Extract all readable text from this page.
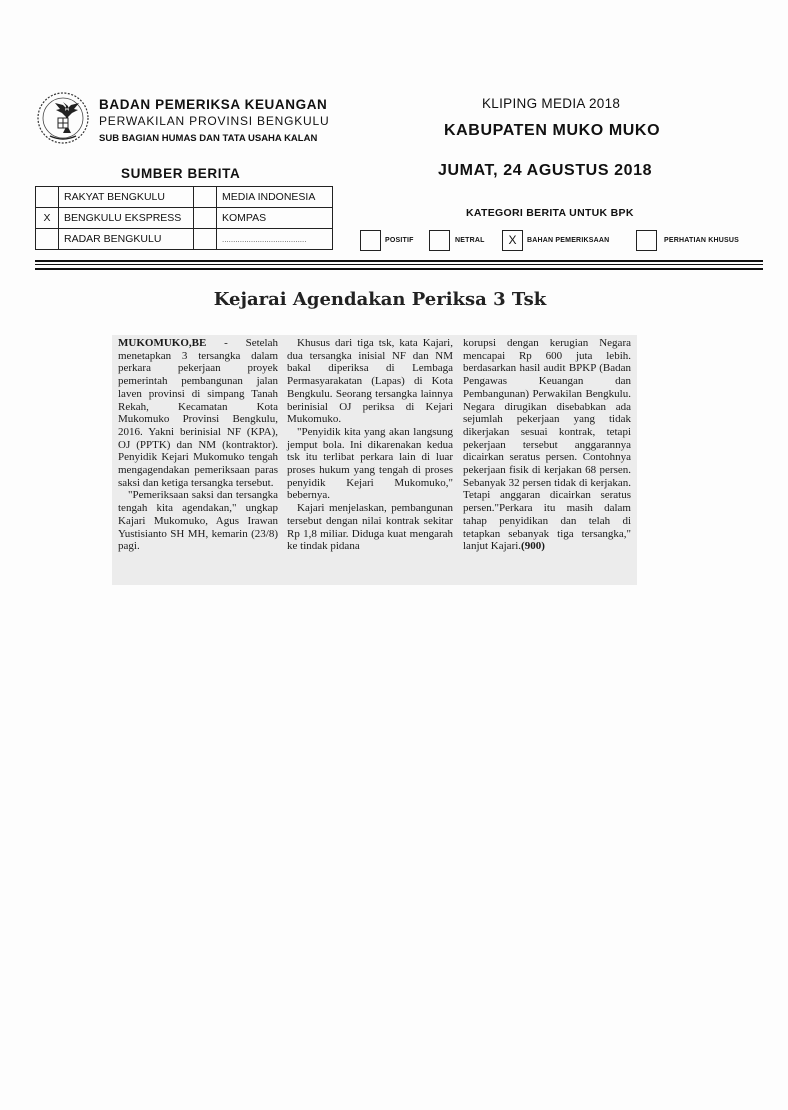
BADAN PEMERIKSA KEUANGAN
PERWAKILAN PROVINSI BENGKULU
SUB BAGIAN HUMAS DAN TATA USAHA KALAN
KLIPING MEDIA 2018
KABUPATEN MUKO MUKO
JUMAT, 24 AGUSTUS 2018
SUMBER BERITA
	RAKYAT BENGKULU		MEDIA INDONESIA
X	BENGKULU EKSPRESS		KOMPAS
	RADAR BENGKULU		......................................
KATEGORI BERITA UNTUK BPK
POSITIF	NETRAL	X	BAHAN PEMERIKSAAN	PERHATIAN KHUSUS
Kejarai Agendakan Periksa 3 Tsk

MUKOMUKO,BE - Setelah menetapkan 3 tersangka dalam perkara pekerjaan proyek pemerintah pembangunan jalan laven provinsi di simpang Tanah Rekah, Kecamatan Kota Mukomuko Provinsi Bengkulu, 2016. Yakni berinisial NF (KPA), OJ (PPTK) dan NM (kontraktor). Penyidik Kejari Mukomuko tengah mengagendakan pemeriksaan paras saksi dan ketiga tersangka tersebut.

"Pemeriksaan saksi dan tersangka tengah kita agendakan," ungkap Kajari Mukomuko, Agus Irawan Yustisianto SH MH, kemarin (23/8) pagi.

Khusus dari tiga tsk, kata Kajari, dua tersangka inisial NF dan NM bakal diperiksa di Lembaga Permasyarakatan (Lapas) di Kota Bengkulu. Seorang tersangka lainnya berinisial OJ periksa di Kejari Mukomuko.

"Penyidik kita yang akan langsung jemput bola. Ini dikarenakan kedua tsk itu terlibat perkara lain di luar proses hukum yang tengah di proses penyidik Kejari Mukomuko," bebernya.

Kajari menjelaskan, pembangunan tersebut dengan nilai kontrak sekitar Rp 1,8 miliar. Diduga kuat mengarah ke tindak pidana

korupsi dengan kerugian Negara mencapai Rp 600 juta lebih. berdasarkan hasil audit BPKP (Badan Pengawas Keuangan dan Pembangunan) Perwakilan Bengkulu. Negara dirugikan disebabkan ada sejumlah pekerjaan yang tidak dikerjakan sesuai kontrak, tetapi pekerjaan tersebut anggarannya dicairkan seratus persen. Contohnya pekerjaan fisik di kerjakan 68 persen. Sebanyak 32 persen tidak di kerjakan. Tetapi anggaran dicairkan seratus persen."Perkara itu masih dalam tahap penyidikan dan telah di tetapkan sebanyak tiga tersangka," lanjut Kajari.(900)
